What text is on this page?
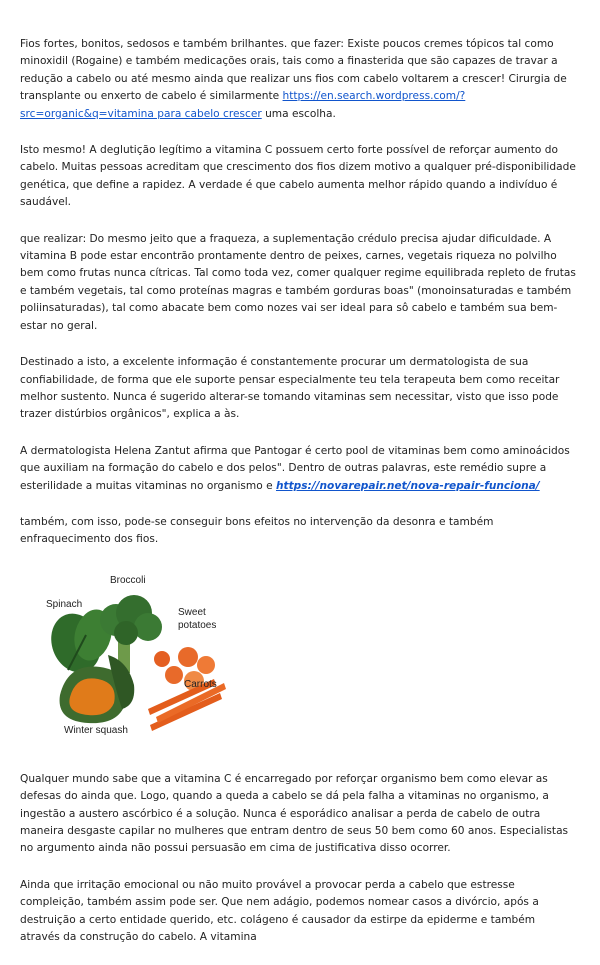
Fios fortes, bonitos, sedosos e também brilhantes. que fazer: Existe poucos cremes tópicos tal como minoxidil (Rogaine) e também medicações orais, tais como a finasterida que são capazes de travar a redução a cabelo ou até mesmo ainda que realizar uns fios com cabelo voltarem a crescer! Cirurgia de transplante ou enxerto de cabelo é similarmente https://en.search.wordpress.com/?src=organic&q=vitamina para cabelo crescer uma escolha.

Isto mesmo! A deglutição legítimo a vitamina C possuem certo forte possível de reforçar aumento do cabelo. Muitas pessoas acreditam que crescimento dos fios dizem motivo a qualquer pré-disponibilidade genética, que define a rapidez. A verdade é que cabelo aumenta melhor rápido quando a indivíduo é saudável.

que realizar: Do mesmo jeito que a fraqueza, a suplementação crédulo precisa ajudar dificuldade. A vitamina B pode estar encontrão prontamente dentro de peixes, carnes, vegetais riqueza no polvilho bem como frutas nunca cítricas. Tal como toda vez, comer qualquer regime equilibrada repleto de frutas e também vegetais, tal como proteínas magras e também gorduras boas" (monoinsaturadas e também poliinsaturadas), tal como abacate bem como nozes vai ser ideal para sô cabelo e também sua bem-estar no geral.

Destinado a isto, a excelente informação é constantemente procurar um dermatologista de sua confiabilidade, de forma que ele suporte pensar especialmente teu tela terapeuta bem como receitar melhor sustento. Nunca é sugerido alterar-se tomando vitaminas sem necessitar, visto que isso pode trazer distúrbios orgânicos", explica a às.

A dermatologista Helena Zantut afirma que Pantogar é certo pool de vitaminas bem como aminoácidos que auxiliam na formação do cabelo e dos pelos". Dentro de outras palavras, este remédio supre a esterilidade a muitas vitaminas no organismo e https://novarepair.net/nova-repair-funciona/

também, com isso, pode-se conseguir bons efeitos no intervenção da desonra e também enfraquecimento dos fios.

Broccoli
Spinach
Sweet
potatoes
Carrots
Winter squash

Qualquer mundo sabe que a vitamina C é encarregado por reforçar organismo bem como elevar as defesas do ainda que. Logo, quando a queda a cabelo se dá pela falha a vitaminas no organismo, a ingestão a austero ascórbico é a solução. Nunca é esporádico analisar a perda de cabelo de outra maneira desgaste capilar no mulheres que entram dentro de seus 50 bem como 60 anos. Especialistas no argumento ainda não possui persuasão em cima de justificativa disso ocorrer.

Ainda que irritação emocional ou não muito provável a provocar perda a cabelo que estresse compleição, também assim pode ser. Que nem adágio, podemos nomear casos a divórcio, após a destruição a certo entidade querido, etc. colágeno é causador da estirpe da epiderme e também através da construção do cabelo. A vitamina
